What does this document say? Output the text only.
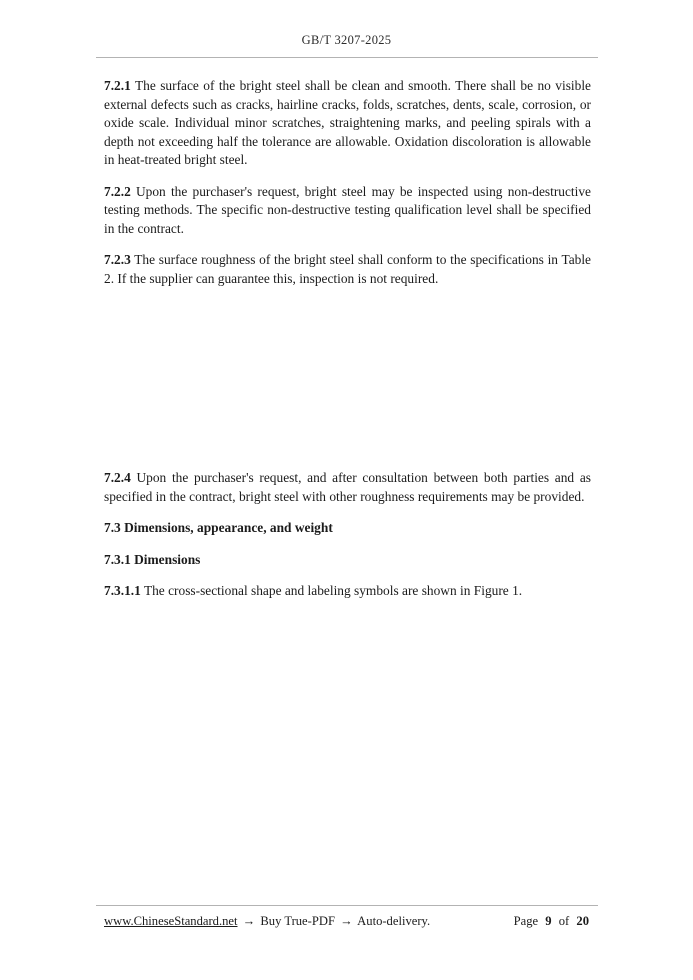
GB/T 3207-2025

7.2.1 The surface of the bright steel shall be clean and smooth. There shall be no visible external defects such as cracks, hairline cracks, folds, scratches, dents, scale, corrosion, or oxide scale. Individual minor scratches, straightening marks, and peeling spirals with a depth not exceeding half the tolerance are allowable. Oxidation discoloration is allowable in heat-treated bright steel.

7.2.2 Upon the purchaser's request, bright steel may be inspected using non-destructive testing methods. The specific non-destructive testing qualification level shall be specified in the contract.

7.2.3 The surface roughness of the bright steel shall conform to the specifications in Table 2. If the supplier can guarantee this, inspection is not required.

7.2.4 Upon the purchaser's request, and after consultation between both parties and as specified in the contract, bright steel with other roughness requirements may be provided.

7.3 Dimensions, appearance, and weight

7.3.1 Dimensions

7.3.1.1 The cross-sectional shape and labeling symbols are shown in Figure 1.

www.ChineseStandard.net → Buy True-PDF → Auto-delivery.	Page 9 of 20
